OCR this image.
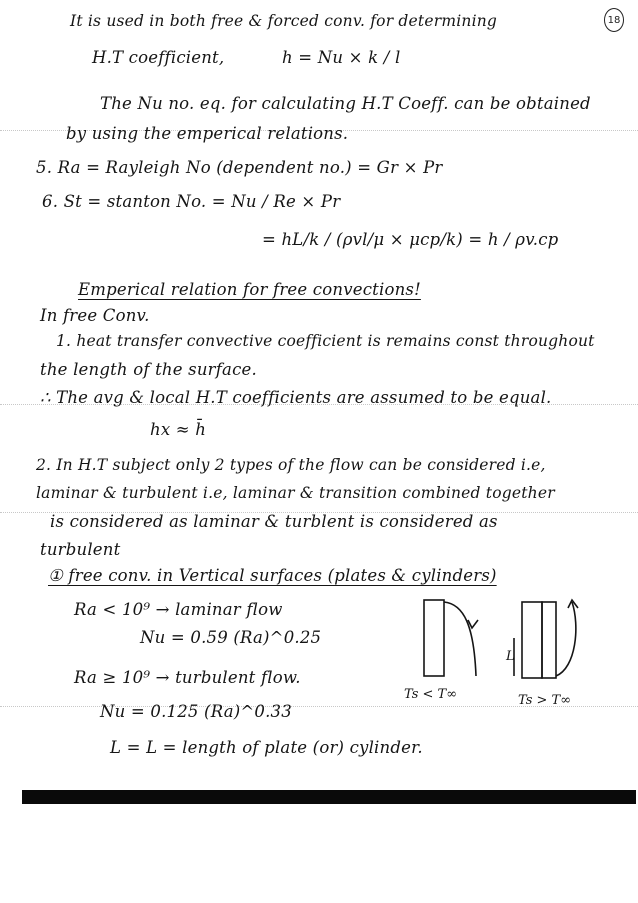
18
It is used in both free & forced conv. for determining
H.T coefficient,	h = Nu × k / l
The Nu no. eq. for calculating H.T Coeff. can be obtained
by using the emperical relations.
5. Ra = Rayleigh No (dependent no.) = Gr × Pr
6. St = stanton No. = Nu / Re × Pr
= hL/k / (ρvl/μ × μcp/k) = h / ρv.cp
Emperical relation for free convections!
In free Conv.
1. heat transfer convective coefficient is remains const throughout
the length of the surface.
∴ The avg & local H.T coefficients are assumed to be equal.
hx ≈ h̄
2. In H.T subject only 2 types of the flow can be considered i.e,
laminar & turbulent i.e, laminar & transition combined together
is considered as laminar & turblent is considered as
turbulent
① free conv. in Vertical surfaces (plates & cylinders)
Ra < 10⁹ → laminar flow
Nu = 0.59 (Ra)^0.25
Ra ≥ 10⁹ → turbulent flow.
Nu = 0.125 (Ra)^0.33
L = L = length of plate (or) cylinder.
L
Ts < T∞	Ts > T∞
